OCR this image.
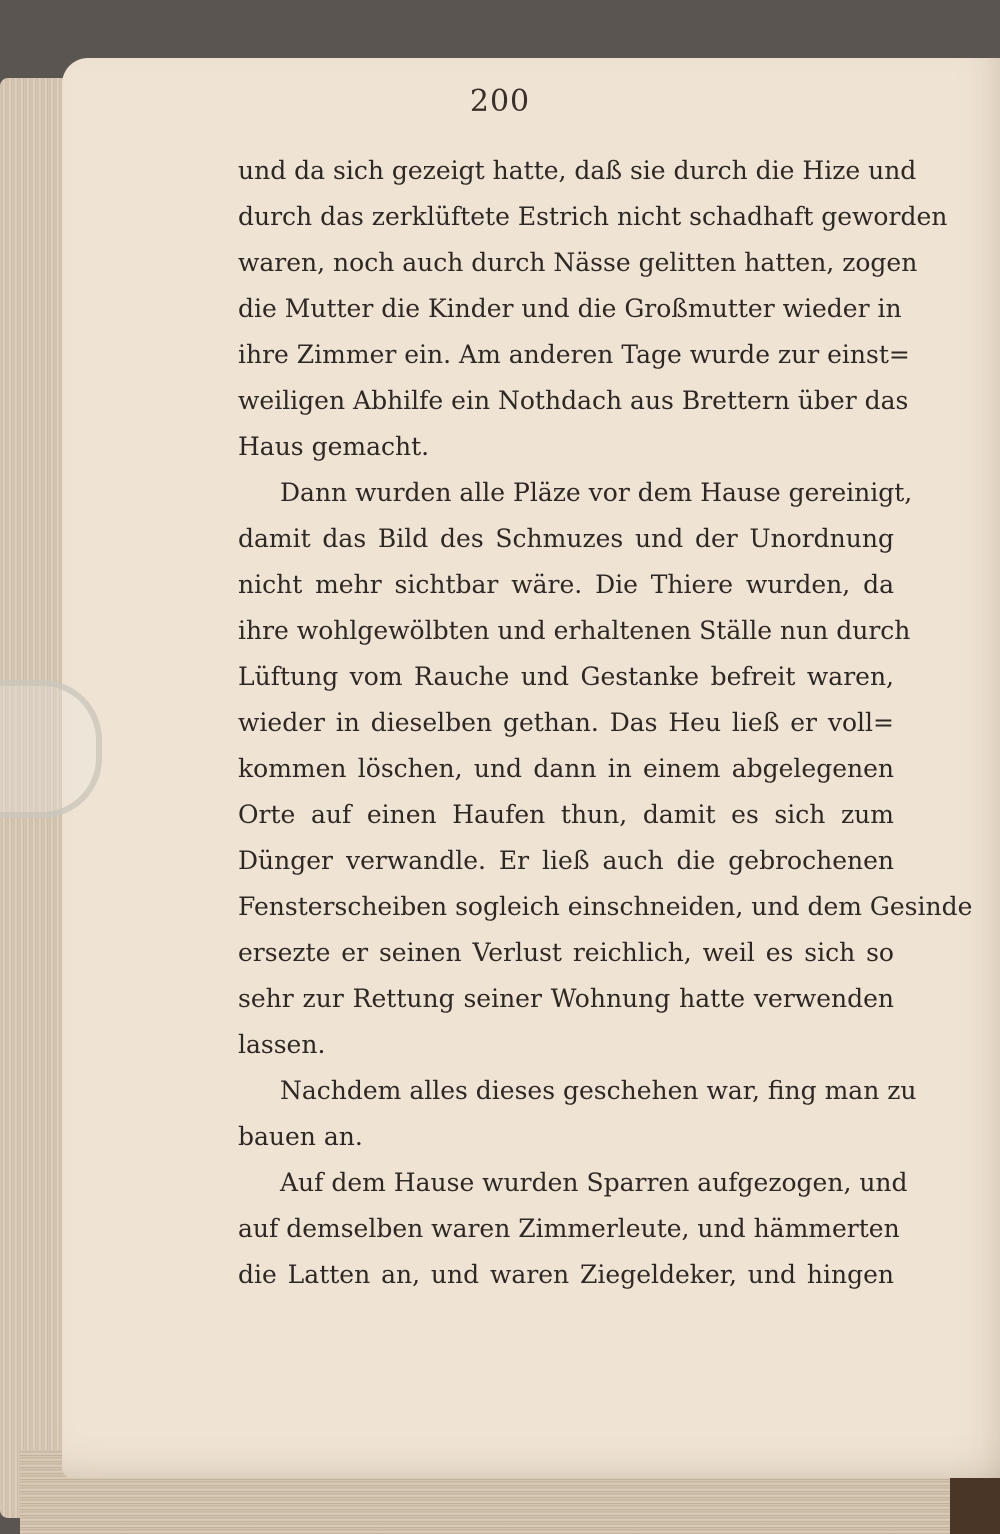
200
und da sich gezeigt hatte, daß sie durch die Hize und
durch das zerklüftete Estrich nicht schadhaft geworden
waren, noch auch durch Nässe gelitten hatten, zogen
die Mutter die Kinder und die Großmutter wieder in
ihre Zimmer ein. Am anderen Tage wurde zur einst=
weiligen Abhilfe ein Nothdach aus Brettern über das
Haus gemacht.
Dann wurden alle Pläze vor dem Hause gereinigt,
damit das Bild des Schmuzes und der Unordnung
nicht mehr sichtbar wäre. Die Thiere wurden, da
ihre wohlgewölbten und erhaltenen Ställe nun durch
Lüftung vom Rauche und Gestanke befreit waren,
wieder in dieselben gethan. Das Heu ließ er voll=
kommen löschen, und dann in einem abgelegenen
Orte auf einen Haufen thun, damit es sich zum
Dünger verwandle. Er ließ auch die gebrochenen
Fensterscheiben sogleich einschneiden, und dem Gesinde
ersezte er seinen Verlust reichlich, weil es sich so
sehr zur Rettung seiner Wohnung hatte verwenden
lassen.
Nachdem alles dieses geschehen war, fing man zu
bauen an.
Auf dem Hause wurden Sparren aufgezogen, und
auf demselben waren Zimmerleute, und hämmerten
die Latten an, und waren Ziegeldeker, und hingen
